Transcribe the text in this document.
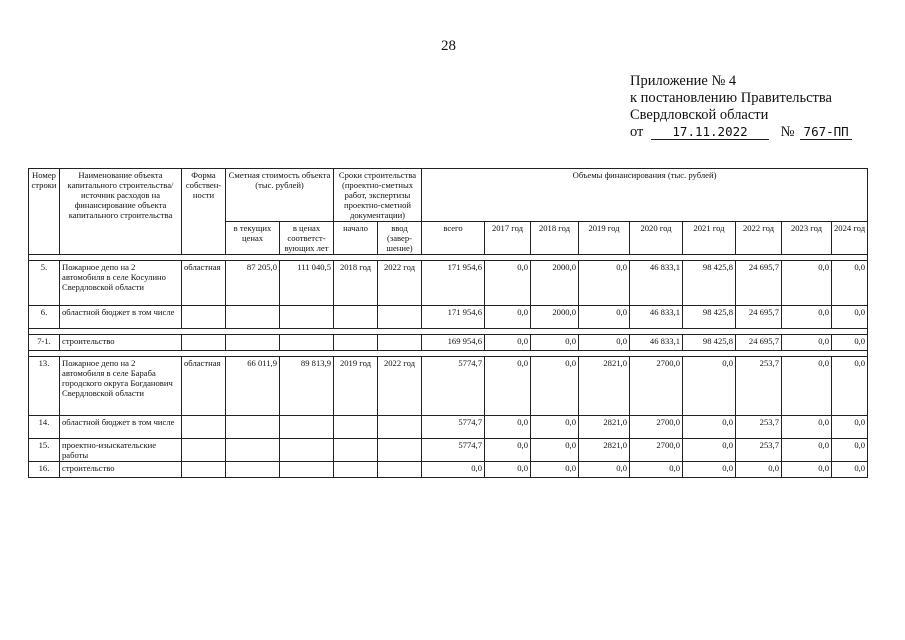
28
Приложение № 4
к постановлению Правительства
Свердловской области
от 17.11.2022 № 767-ПП
Номер строки	Наименование объекта капитального строительства/источник расходов на финансирование объекта капитального строительства	Форма собствен-ности	Сметная стоимость объекта (тыс. рублей)		Сроки строительства (проектно-сметных работ, экспертизы проектно-сметной документации)		Объемы финансирования (тыс. рублей)								
			в текущих ценах	в ценах соответст-вующих лет	начало	ввод (завер-шение)	всего	2017 год	2018 год	2019 год	2020 год	2021 год	2022 год	2023 год	2024 год

5.	Пожарное депо на 2 автомобиля в селе Косулино Свердловской области	областная	87 205,0	111 040,5	2018 год	2022 год	171 954,6	0,0	2000,0	0,0	46 833,1	98 425,8	24 695,7	0,0	0,0
6.	областной бюджет в том числе						171 954,6	0,0	2000,0	0,0	46 833,1	98 425,8	24 695,7	0,0	0,0

7-1.	строительство						169 954,6	0,0	0,0	0,0	46 833,1	98 425,8	24 695,7	0,0	0,0

13.	Пожарное депо на 2 автомобиля в селе Бараба городского округа Богданович Свердловской области	областная	66 011,9	89 813,9	2019 год	2022 год	5774,7	0,0	0,0	2821,0	2700,0	0,0	253,7	0,0	0,0
14.	областной бюджет в том числе						5774,7	0,0	0,0	2821,0	2700,0	0,0	253,7	0,0	0,0
15.	проектно-изыскательские работы						5774,7	0,0	0,0	2821,0	2700,0	0,0	253,7	0,0	0,0
16.	строительство						0,0	0,0	0,0	0,0	0,0	0,0	0,0	0,0	0,0
